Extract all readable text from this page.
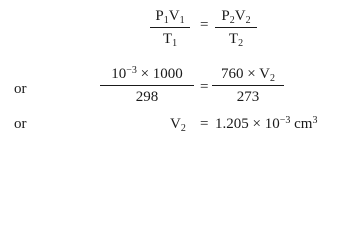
$P_1V_1$
$T_1$
=
$P_2V_2$
$T_2$
or
$10^{-3} \times 1000$
298
=
$760 \times V_2$
273
or	$V_2 = 1.205 \times 10^{-3}$ $cm^3$
